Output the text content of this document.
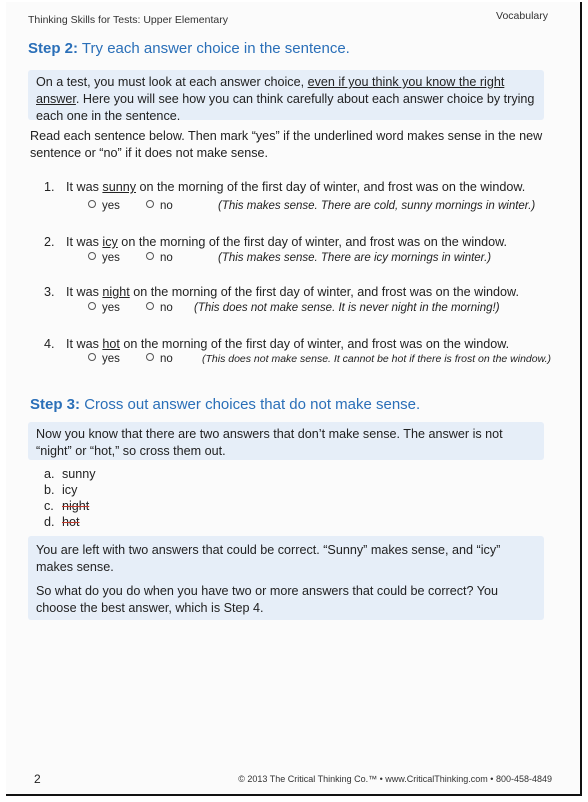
Thinking Skills for Tests: Upper Elementary	Vocabulary
Step 2: Try each answer choice in the sentence.
On a test, you must look at each answer choice, even if you think you know the right answer. Here you will see how you can think carefully about each answer choice by trying each one in the sentence.
Read each sentence below. Then mark “yes” if the underlined word makes sense in the new sentence or “no” if it does not make sense.
1. It was sunny on the morning of the first day of winter, and frost was on the window.
yes	no	(This makes sense. There are cold, sunny mornings in winter.)
2. It was icy on the morning of the first day of winter, and frost was on the window.
yes	no	(This makes sense. There are icy mornings in winter.)
3. It was night on the morning of the first day of winter, and frost was on the window.
yes	no (This does not make sense. It is never night in the morning!)
4. It was hot on the morning of the first day of winter, and frost was on the window.
yes	no	(This does not make sense. It cannot be hot if there is frost on the window.)
Step 3: Cross out answer choices that do not make sense.
Now you know that there are two answers that don’t make sense. The answer is not “night” or “hot,” so cross them out.
a. sunny
b. icy
c. night
d. hot
You are left with two answers that could be correct. “Sunny” makes sense, and “icy” makes sense.
So what do you do when you have two or more answers that could be correct? You choose the best answer, which is Step 4.
2	© 2013 The Critical Thinking Co.™ • www.CriticalThinking.com • 800-458-4849
